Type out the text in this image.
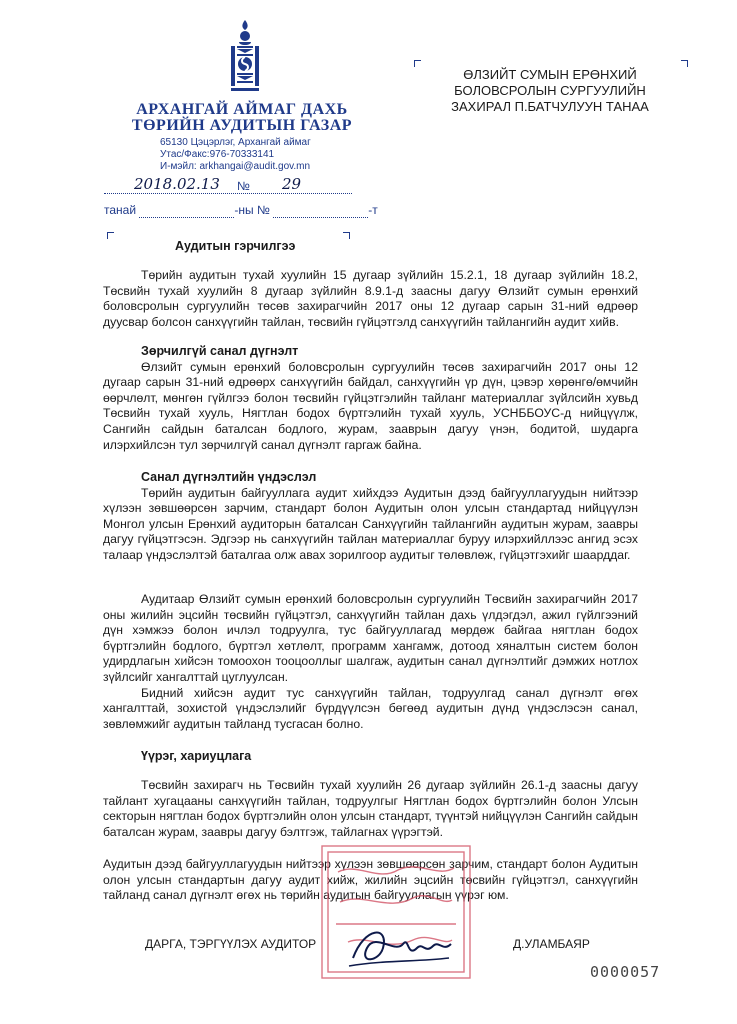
АРХАНГАЙ АЙМАГ ДАХЬ
ТӨРИЙН АУДИТЫН ГАЗАР
65130 Цэцэрлэг, Архангай аймаг
Утас/Факс:976-70333141
И-мэйл: arkhangai@audit.gov.mn
2018.02.13 № 29
танай	-ны №	-т
ӨЛЗИЙТ СУМЫН ЕРӨНХИЙ
БОЛОВСРОЛЫН СУРГУУЛИЙН
ЗАХИРАЛ П.БАТЧУЛУУН ТАНАА
Аудитын гэрчилгээ

Төрийн аудитын тухай хуулийн 15 дугаар зүйлийн 15.2.1, 18 дугаар зүйлийн 18.2, Төсвийн тухай хуулийн 8 дугаар зүйлийн 8.9.1-д заасны дагуу Өлзийт сумын ерөнхий боловсролын сургуулийн төсөв захирагчийн 2017 оны 12 дугаар сарын 31-ний өдрөөр дуусвар болсон санхүүгийн тайлан, төсвийн гүйцэтгэлд санхүүгийн тайлангийн аудит хийв.

Зөрчилгүй санал дүгнэлт

Өлзийт сумын ерөнхий боловсролын сургуулийн төсөв захирагчийн 2017 оны 12 дугаар сарын 31-ний өдрөөрх санхүүгийн байдал, санхүүгийн үр дүн, цэвэр хөрөнгө/өмчийн өөрчлөлт, мөнгөн гүйлгээ болон төсвийн гүйцэтгэлийн тайланг материаллаг зүйлсийн хувьд Төсвийн тухай хууль, Нягтлан бодох бүртгэлийн тухай хууль, УСНББОУС-д нийцүүлж, Сангийн сайдын баталсан бодлого, журам, зааврын дагуу үнэн, бодитой, шударга илэрхийлсэн тул зөрчилгүй санал дүгнэлт гаргаж байна.

Санал дүгнэлтийн үндэслэл

Төрийн аудитын байгууллага аудит хийхдээ Аудитын дээд байгууллагуудын нийтээр хүлээн зөвшөөрсөн зарчим, стандарт болон Аудитын олон улсын стандартад нийцүүлэн Монгол улсын Ерөнхий аудиторын баталсан Санхүүгийн тайлангийн аудитын журам, заавры дагуу гүйцэтгэсэн. Эдгээр нь санхүүгийн тайлан материаллаг буруу илэрхийллээс ангид эсэх талаар үндэслэлтэй баталгаа олж авах зорилгоор аудитыг төлөвлөж, гүйцэтгэхийг шаарддаг.

Аудитаар Өлзийт сумын ерөнхий боловсролын сургуулийн Төсвийн захирагчийн 2017 оны жилийн эцсийн төсвийн гүйцэтгэл, санхүүгийн тайлан дахь үлдэгдэл, ажил гүйлгээний дүн хэмжээ болон ичлэл тодруулга, тус байгууллагад мөрдөж байгаа нягтлан бодох бүртгэлийн бодлого, бүртгэл хөтлөлт, программ хангамж, дотоод хяналтын систем болон удирдлагын хийсэн томоохон тооцооллыг шалгаж, аудитын санал дүгнэлтийг дэмжих нотлох зүйлсийг хангалттай цуглуулсан.

Бидний хийсэн аудит тус санхүүгийн тайлан, тодруулгад санал дүгнэлт өгөх хангалттай, зохистой үндэслэлийг бүрдүүлсэн бөгөөд аудитын дүнд үндэслэсэн санал, зөвлөмжийг аудитын тайланд тусгасан болно.

Үүрэг, хариуцлага

Төсвийн захирагч нь Төсвийн тухай хуулийн 26 дугаар зүйлийн 26.1-д заасны дагуу тайлант хугацааны санхүүгийн тайлан, тодруулгыг Нягтлан бодох бүртгэлийн болон Улсын секторын нягтлан бодох бүртгэлийн олон улсын стандарт, түүнтэй нийцүүлэн Сангийн сайдын баталсан журам, заавры дагуу бэлтгэж, тайлагнах үүрэгтэй.

Аудитын дээд байгууллагуудын нийтээр хүлээн зөвшөөрсөн зарчим, стандарт болон Аудитын олон улсын стандартын дагуу аудит хийж, жилийн эцсийн төсвийн гүйцэтгэл, санхүүгийн тайланд санал дүгнэлт өгөх нь төрийн аудитын байгууллагын үүрэг юм.

ДАРГА, ТЭРГҮҮЛЭХ АУДИТОР	Д.УЛАМБАЯР
0000057
